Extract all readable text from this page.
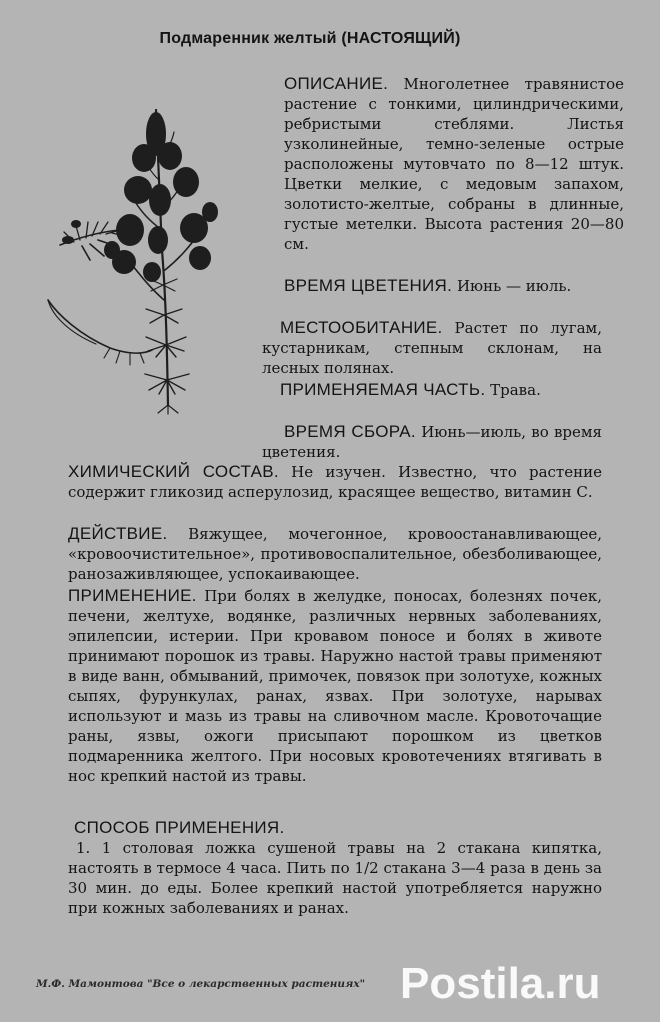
Подмаренник желтый (НАСТОЯЩИЙ)

ОПИСАНИЕ. Многолетнее травянистое растение с тонкими, цилиндрическими, ребристыми стеблями. Листья узколинейные, темно-зеленые острые расположены мутовчато по 8—12 штук. Цветки мелкие, с медовым запахом, золотисто-желтые, собраны в длинные, густые метелки. Высота растения 20—80 см.

ВРЕМЯ ЦВЕТЕНИЯ. Июнь — июль.

МЕСТООБИТАНИЕ. Растет по лугам, кустарникам, степным склонам, на лесных полянах.

ПРИМЕНЯЕМАЯ ЧАСТЬ. Трава.

ВРЕМЯ СБОРА. Июнь—июль, во время цветения.

ХИМИЧЕСКИЙ СОСТАВ. Не изучен. Известно, что растение содержит гликозид асперулозид, красящее вещество, витамин С.

ДЕЙСТВИЕ. Вяжущее, мочегонное, кровоостанавливающее, «кровоочистительное», противовоспалительное, обезболивающее, ранозаживляющее, успокаивающее.

ПРИМЕНЕНИЕ. При болях в желудке, поносах, болезнях почек, печени, желтухе, водянке, различных нервных заболеваниях, эпилепсии, истерии. При кровавом поносе и болях в животе принимают порошок из травы. Наружно настой травы применяют в виде ванн, обмываний, примочек, повязок при золотухе, кожных сыпях, фурункулах, ранах, язвах. При золотухе, нарывах используют и мазь из травы на сливочном масле. Кровоточащие раны, язвы, ожоги присыпают порошком из цветков подмаренника желтого. При носовых кровотечениях втягивать в нос крепкий настой из травы.

СПОСОБ ПРИМЕНЕНИЯ.
1. 1 столовая ложка сушеной травы на 2 стакана кипятка, настоять в термосе 4 часа. Пить по 1/2 стакана 3—4 раза в день за 30 мин. до еды. Более крепкий настой употребляется наружно при кожных заболеваниях и ранах.

М.Ф. Мамонтова "Все о лекарственных растениях" Postila.ru
